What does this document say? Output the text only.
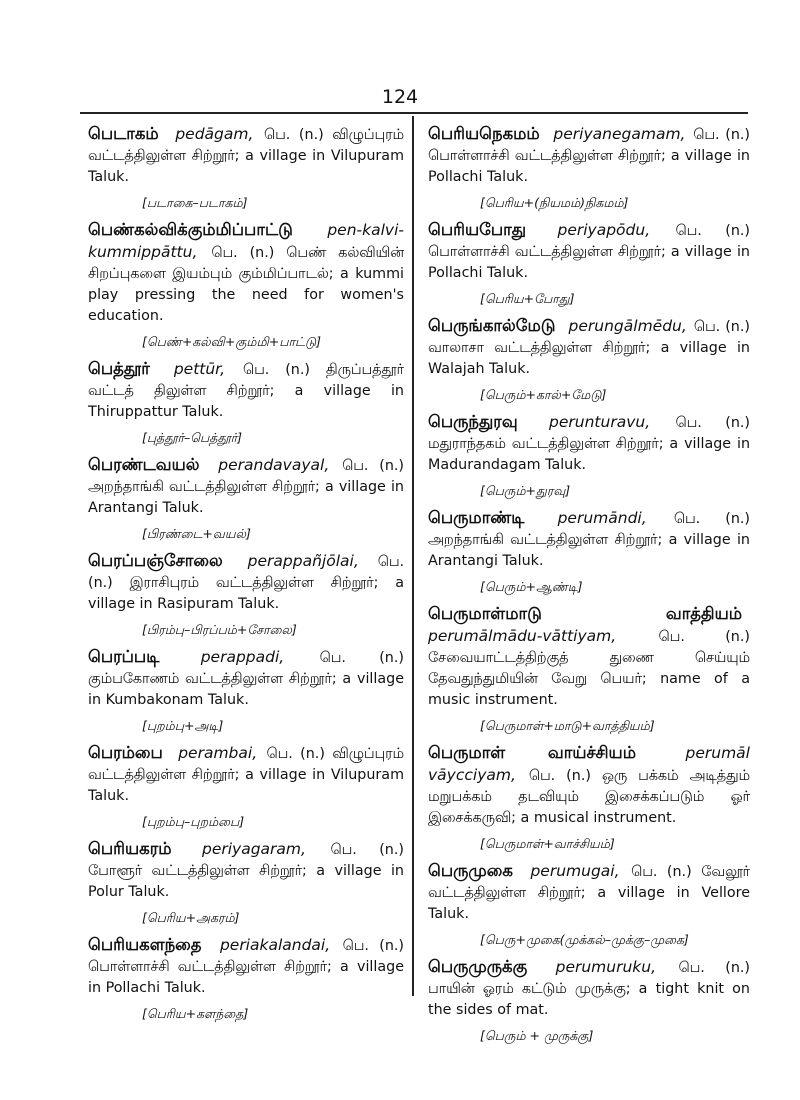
124
பெடாகம் pedāgam, பெ. (n.) விழுப்புரம் வட்டத்திலுள்ள சிற்றூர்; a village in Vilupuram Taluk.
[படாகை–படாகம்]
பெண்கல்விக்கும்மிப்பாட்டு pen-kalvi-kummippāttu, பெ. (n.) பெண் கல்வியின் சிறப்புகளை இயம்பும் கும்மிப்பாடல்; a kummi play pressing the need for women's education.
[பெண்+கல்வி+கும்மி+பாட்டு]
பெத்தூர் pettūr, பெ. (n.) திருப்பத்தூர் வட்டத் திலுள்ள சிற்றூர்; a village in Thiruppattur Taluk.
[புத்தூர்–பெத்தூர்]
பெரண்டவயல் perandavayal, பெ. (n.) அறந்தாங்கி வட்டத்திலுள்ள சிற்றூர்; a village in Arantangi Taluk.
[பிரண்டை+வயல்]
பெரப்பஞ்சோலை perappañjōlai, பெ. (n.) இராசிபுரம் வட்டத்திலுள்ள சிற்றூர்; a village in Rasipuram Taluk.
[பிரம்பு–பிரப்பம்+சோலை]
பெரப்படி	perappadi, பெ. (n.) கும்பகோணம் வட்டத்திலுள்ள சிற்றூர்; a village in Kumbakonam Taluk.
[புறம்பு+அடி]
பெரம்பை perambai, பெ. (n.) விழுப்புரம் வட்டத்திலுள்ள சிற்றூர்; a village in Vilupuram Taluk.
[புறம்பு–புறம்பை]
பெரியகரம் periyagaram, பெ. (n.) போளூர் வட்டத்திலுள்ள சிற்றூர்; a village in Polur Taluk.
[பெரிய+அகரம்]
பெரியகளந்தை periakalandai, பெ. (n.) பொள்ளாச்சி வட்டத்திலுள்ள சிற்றூர்; a village in Pollachi Taluk.
[பெரிய+களந்தை]
பெரியநெகமம் periyanegamam, பெ. (n.) பொள்ளாச்சி வட்டத்திலுள்ள சிற்றூர்; a village in Pollachi Taluk.
[பெரிய+(நியமம்)நிகமம்]
பெரியபோது periyapōdu, பெ. (n.) பொள்ளாச்சி வட்டத்திலுள்ள சிற்றூர்; a village in Pollachi Taluk.
[பெரிய+போது]
பெருங்கால்மேடு perungālmēdu, பெ. (n.) வாலாசா வட்டத்திலுள்ள சிற்றூர்; a village in Walajah Taluk.
[பெரும்+கால்+மேடு]
பெருந்துரவு perunturavu, பெ. (n.) மதுராந்தகம் வட்டத்திலுள்ள சிற்றூர்; a village in Madurandagam Taluk.
[பெரும்+துரவு]
பெருமாண்டி perumāndi, பெ. (n.) அறந்தாங்கி வட்டத்திலுள்ள சிற்றூர்; a village in Arantangi Taluk.
[பெரும்+ஆண்டி]
பெருமாள்மாடு வாத்தியம் perumālmādu-vāttiyam,	பெ. (n.) சேவையாட்டத்திற்குத் துணை செய்யும் தேவதுந்துமியின் வேறு பெயர்; name of a music instrument.
[பெருமாள்+மாடு+வாத்தியம்]
பெருமாள் வாய்ச்சியம்	perumāl vāycciyam, பெ. (n.) ஒரு பக்கம் அடித்தும் மறுபக்கம் தடவியும் இசைக்கப்படும் ஓர் இசைக்கருவி; a musical instrument.
[பெருமாள்+வாச்சியம்]
பெருமுகை perumugai, பெ. (n.) வேலூர் வட்டத்திலுள்ள சிற்றூர்; a village in Vellore Taluk.
[பெரு+முகை(முக்கல்–முக்கு–முகை]
பெருமுருக்கு perumuruku, பெ. (n.) பாயின் ஓரம் கட்டும் முருக்கு; a tight knit on the sides of mat.
[பெரும் + முருக்கு]
